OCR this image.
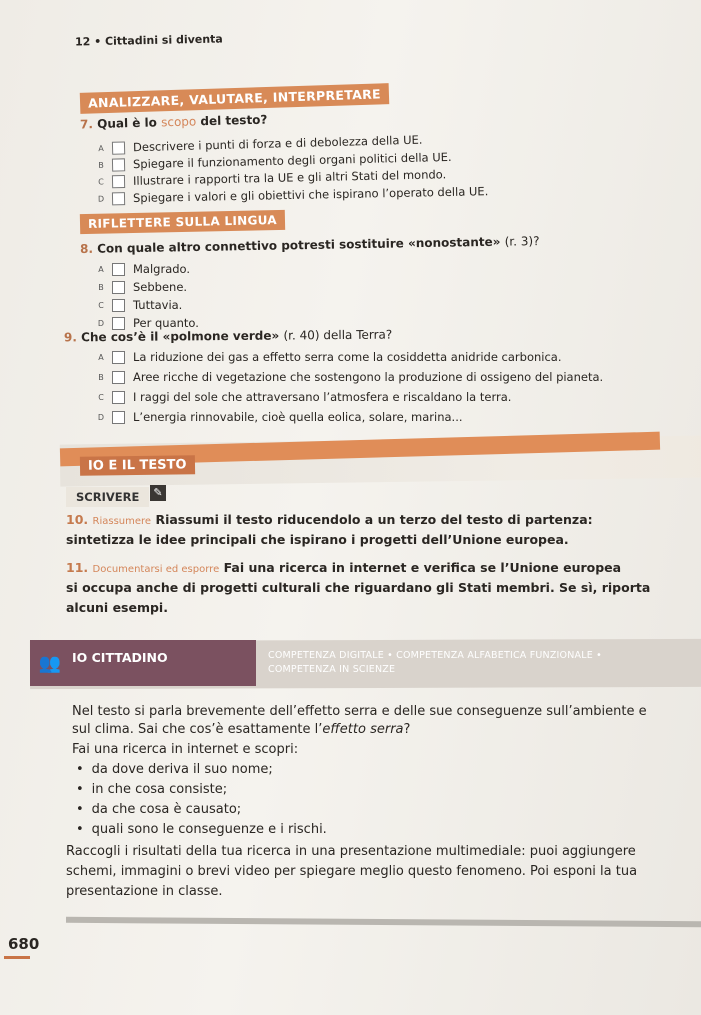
12 • Cittadini si diventa
ANALIZZARE, VALUTARE, INTERPRETARE
7. Qual è lo scopo del testo?
A	Descrivere i punti di forza e di debolezza della UE.
B	Spiegare il funzionamento degli organi politici della UE.
C	Illustrare i rapporti tra la UE e gli altri Stati del mondo.
D	Spiegare i valori e gli obiettivi che ispirano l’operato della UE.
RIFLETTERE SULLA LINGUA
8. Con quale altro connettivo potresti sostituire «nonostante» (r. 3)?
A	Malgrado.
B	Sebbene.
C	Tuttavia.
D	Per quanto.
9. Che cos’è il «polmone verde» (r. 40) della Terra?
A	La riduzione dei gas a effetto serra come la cosiddetta anidride carbonica.
B	Aree ricche di vegetazione che sostengono la produzione di ossigeno del pianeta.
C	I raggi del sole che attraversano l’atmosfera e riscaldano la terra.
D	L’energia rinnovabile, cioè quella eolica, solare, marina...
IO E IL TESTO
SCRIVERE	✎
10. Riassumere Riassumi il testo riducendolo a un terzo del testo di partenza:
sintetizza le idee principali che ispirano i progetti dell’Unione europea.
11. Documentarsi ed esporre Fai una ricerca in internet e verifica se l’Unione europea
si occupa anche di progetti culturali che riguardano gli Stati membri. Se sì, riporta
alcuni esempi.
👥 IO CITTADINO	COMPETENZA DIGITALE • COMPETENZA ALFABETICA FUNZIONALE •
COMPETENZA IN SCIENZE
Nel testo si parla brevemente dell’effetto serra e delle sue conseguenze sull’ambiente e
sul clima. Sai che cos’è esattamente l’effetto serra?
Fai una ricerca in internet e scopri:
• da dove deriva il suo nome;
• in che cosa consiste;
• da che cosa è causato;
• quali sono le conseguenze e i rischi.
Raccogli i risultati della tua ricerca in una presentazione multimediale: puoi aggiungere
schemi, immagini o brevi video per spiegare meglio questo fenomeno. Poi esponi la tua
presentazione in classe.
680
